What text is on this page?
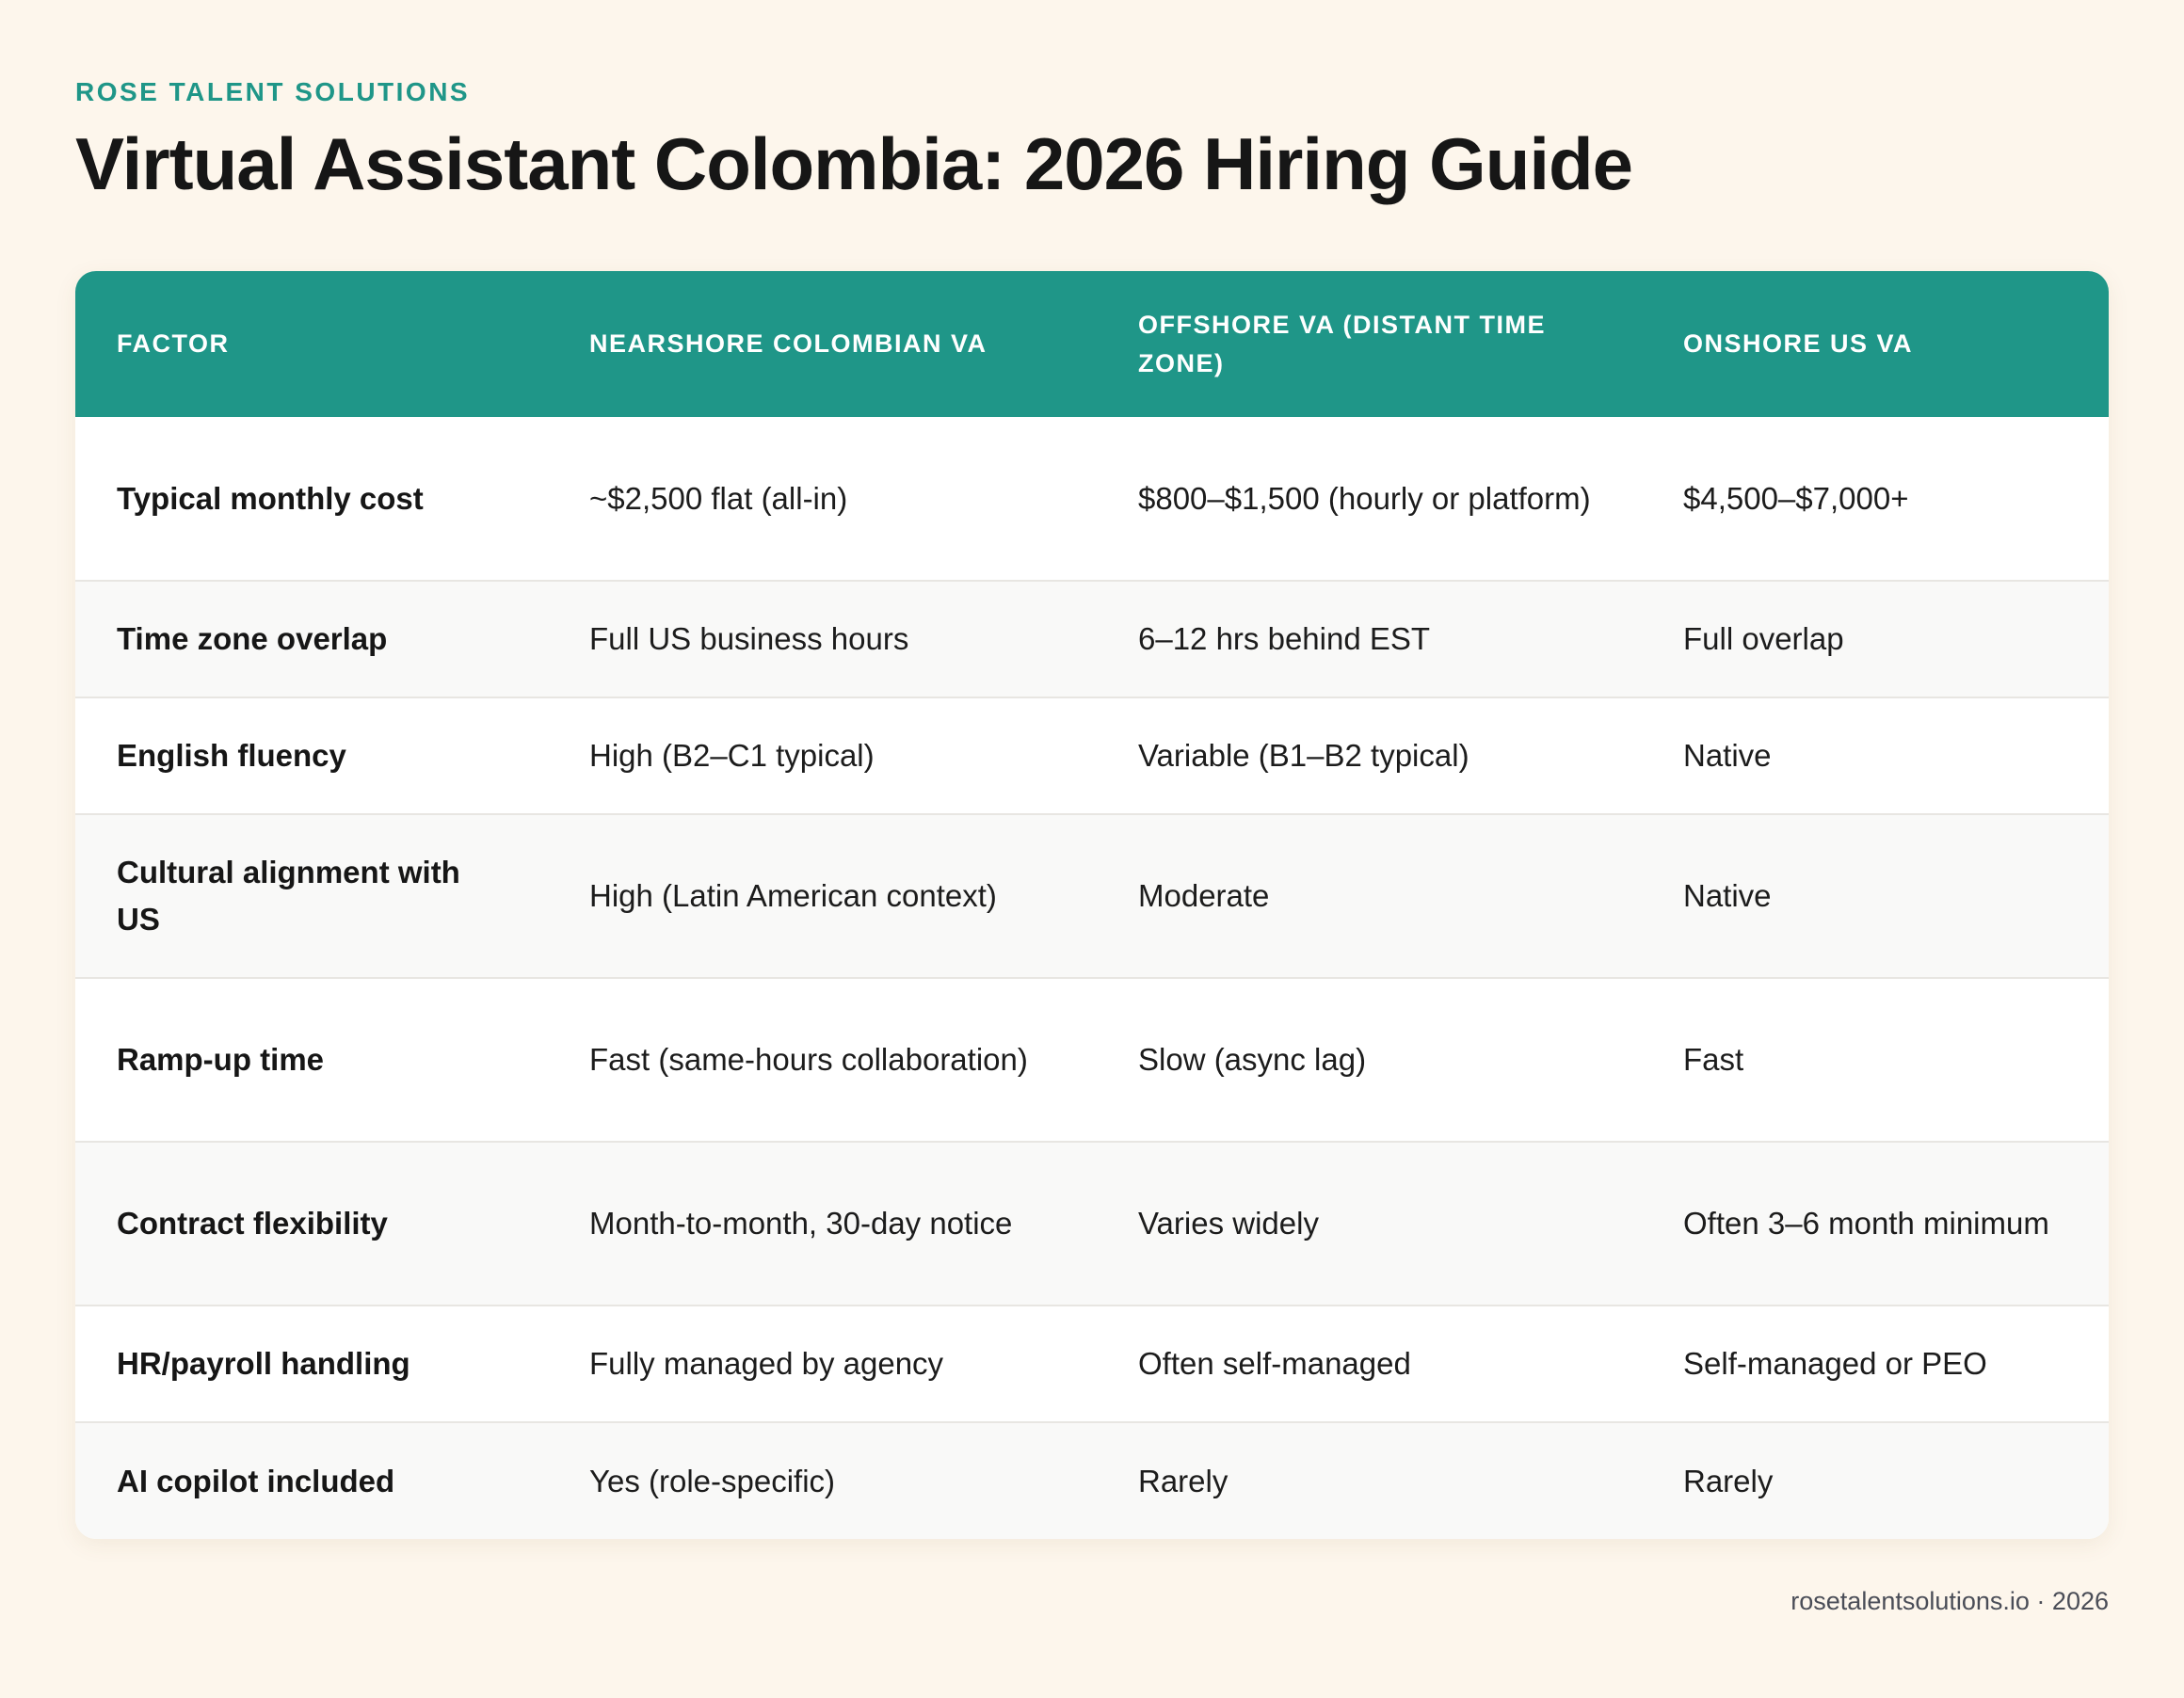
ROSE TALENT SOLUTIONS
Virtual Assistant Colombia: 2026 Hiring Guide
FACTOR	NEARSHORE COLOMBIAN VA	OFFSHORE VA (DISTANT TIME ZONE)	ONSHORE US VA
Typical monthly cost	~$2,500 flat (all-in)	$800–$1,500 (hourly or platform)	$4,500–$7,000+
Time zone overlap	Full US business hours	6–12 hrs behind EST	Full overlap
English fluency	High (B2–C1 typical)	Variable (B1–B2 typical)	Native
Cultural alignment with US	High (Latin American context)	Moderate	Native
Ramp-up time	Fast (same-hours collaboration)	Slow (async lag)	Fast
Contract flexibility	Month-to-month, 30-day notice	Varies widely	Often 3–6 month minimum
HR/payroll handling	Fully managed by agency	Often self-managed	Self-managed or PEO
AI copilot included	Yes (role-specific)	Rarely	Rarely
rosetalentsolutions.io · 2026
